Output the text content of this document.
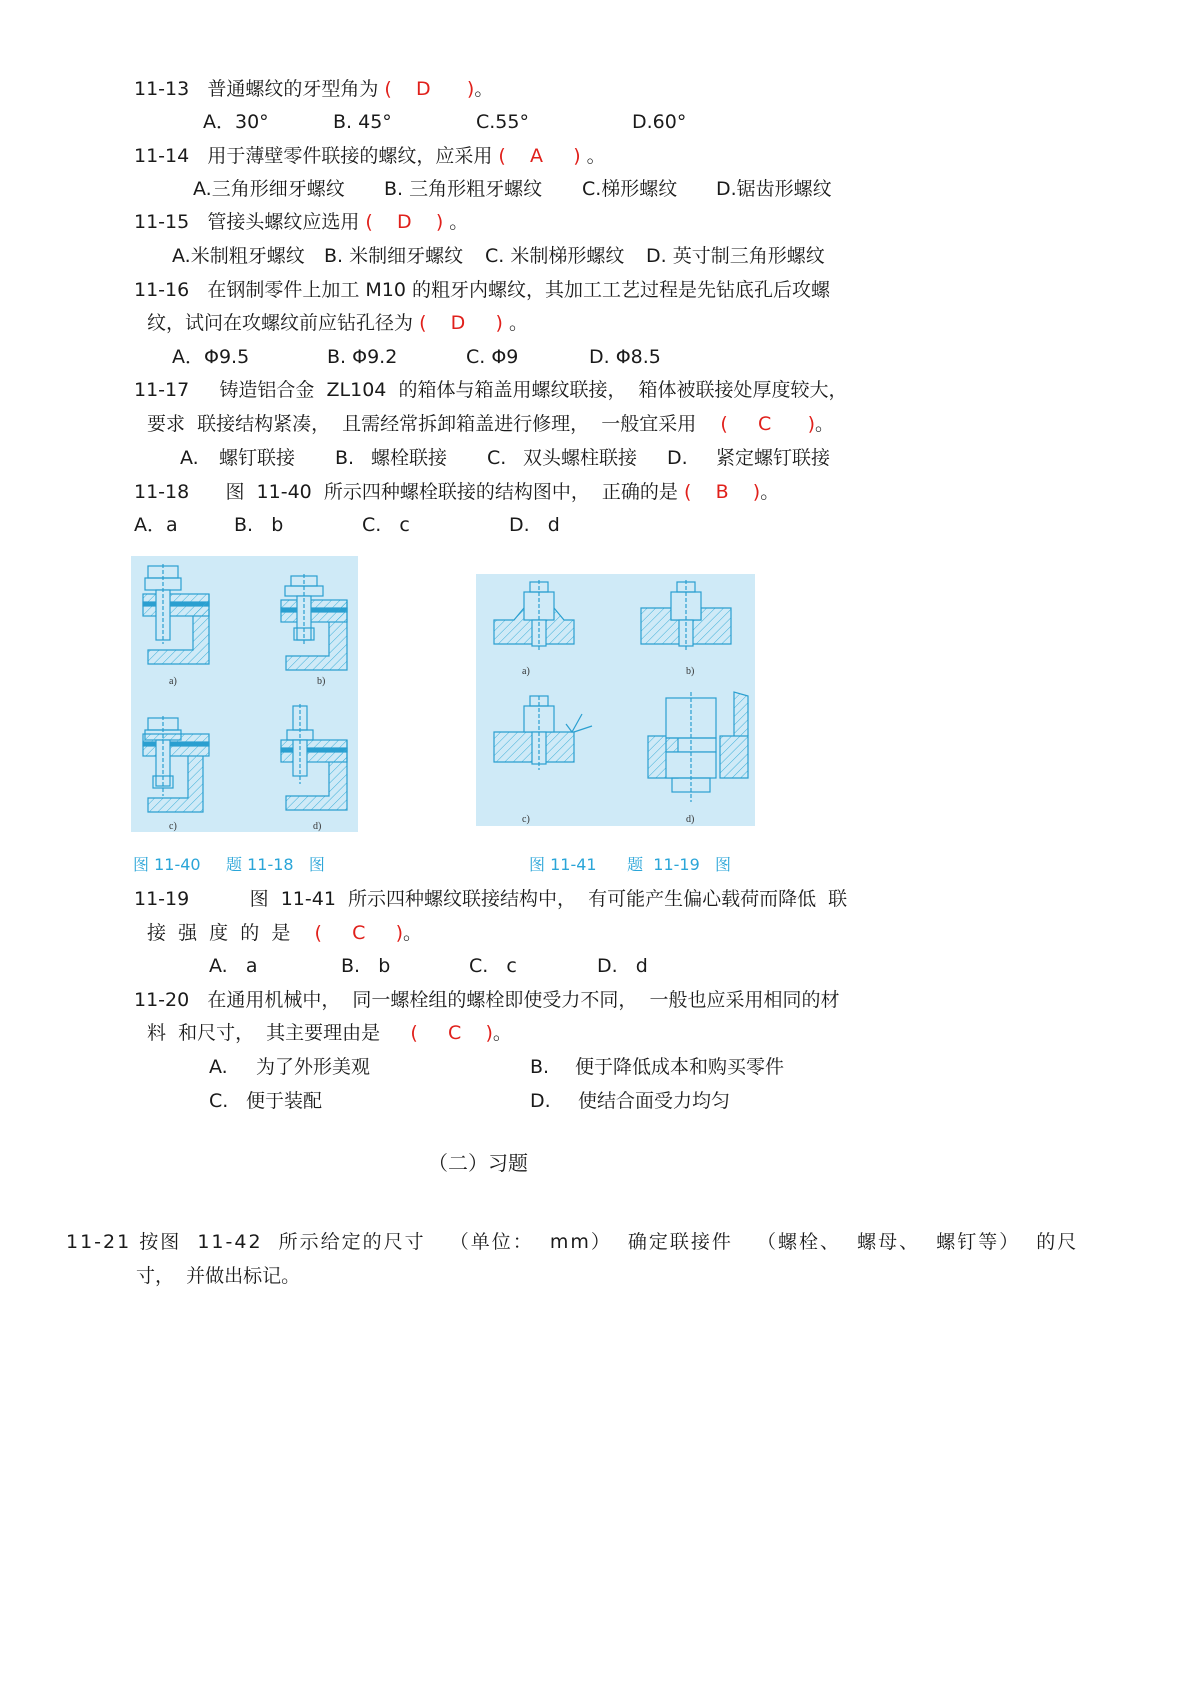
11-13 普通螺纹的牙型角为 ( D )。
A．30°	B. 45°	C.55°	D.60°
11-14 用于薄壁零件联接的螺纹，应采用 ( A ) 。
A.三角形细牙螺纹 B. 三角形粗牙螺纹 C.梯形螺纹 D.锯齿形螺纹
11-15 管接头螺纹应选用 ( D ) 。
A.米制粗牙螺纹 B. 米制细牙螺纹 C. 米制梯形螺纹 D. 英寸制三角形螺纹
11-16 在钢制零件上加工 M10 的粗牙内螺纹，其加工工艺过程是先钻底孔后攻螺
纹，试问在攻螺纹前应钻孔径为 ( D ) 。
A．Φ9.5	B. Φ9.2	C. Φ9	D. Φ8.5
11-17 铸造铝合金  ZL104  的箱体与箱盖用螺纹联接，  箱体被联接处厚度较大，
要求  联接结构紧凑，  且需经常拆卸箱盖进行修理，  一般宜采用 ( C )。
A. 螺钉联接 B. 螺栓联接 C. 双头螺柱联接 D. 紧定螺钉联接
11-18 图  11-40  所示四种螺栓联接的结构图中，  正确的是 ( B )。
A．a	B.   b	C.   c	D.   d
a)	b)
c)	d)
a)	b)
c)	d)
图 11-40     题 11-18   图	图 11-41      题  11-19   图
11-19	图  11-41  所示四种螺纹联接结构中，  有可能产生偏心载荷而降低  联
接  强  度  的  是 ( C )。
A.   a	B.   b	C.   c	D.   d
11-20 在通用机械中，  同一螺栓组的螺栓即使受力不同，  一般也应采用相同的材
料  和尺寸，  其主要理由是 ( C )。
A. 为了外形美观	B. 便于降低成本和购买零件
C. 便于装配	D. 使结合面受力均匀
（二）习题
11-21 按图  11-42  所示给定的尺寸   （单位：  mm）  确定联接件   （螺栓、  螺母、  螺钉等）  的尺
寸，  并做出标记。
